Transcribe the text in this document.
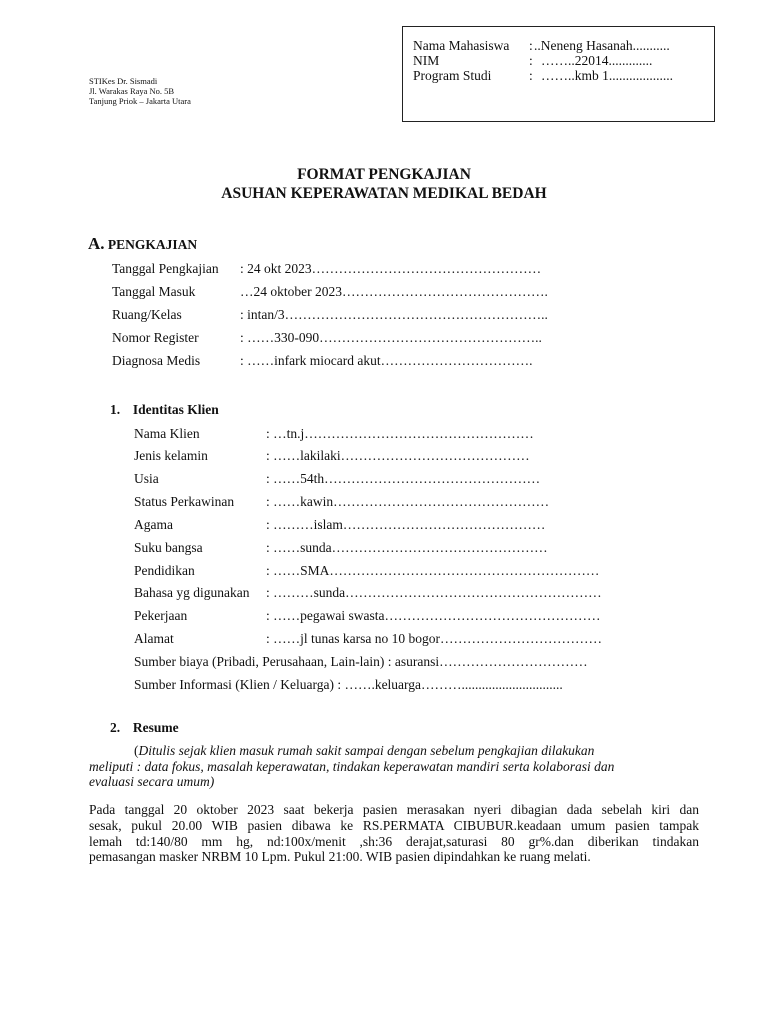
STIKes Dr. Sismadi
Jl. Warakas Raya No. 5B
Tanjung Priok – Jakarta Utara
Nama Mahasiswa : ..Neneng Hasanah...........
NIM	: ……..22014.............
Program Studi	: ……..kmb 1...................
FORMAT PENGKAJIAN
ASUHAN KEPERAWATAN MEDIKAL BEDAH
A. PENGKAJIAN
Tanggal Pengkajian : 24 okt 2023……………………………………………
Tanggal Masuk	…24 oktober 2023……………………………………….
Ruang/Kelas	: intan/3…………………………………………………..
Nomor Register	: ……330-090…………………………………………..
Diagnosa Medis	: ……infark miocard akut…………………………….
1. Identitas Klien
Nama Klien	: …tn.j……………………………………………
Jenis kelamin	: ……lakilaki……………………………………
Usia	: ……54th…………………………………………
Status Perkawinan : ……kawin…………………………………………
Agama	: ………islam………………………………………
Suku bangsa	: ……sunda…………………………………………
Pendidikan	: ……SMA……………………………………………………
Bahasa yg digunakan : ………sunda…………………………………………………
Pekerjaan	: ……pegawai swasta…………………………………………
Alamat	: ……jl tunas karsa no 10 bogor………………………………
Sumber biaya (Pribadi, Perusahaan, Lain-lain) : asuransi……………………………
Sumber Informasi (Klien / Keluarga) : …….keluarga………..............................
2. Resume
(Ditulis sejak klien masuk rumah sakit sampai dengan sebelum pengkajian dilakukan
meliputi : data fokus, masalah keperawatan, tindakan keperawatan mandiri serta kolaborasi dan
evaluasi secara umum)
Pada tanggal 20 oktober 2023 saat bekerja pasien merasakan nyeri dibagian dada sebelah kiri dan
sesak, pukul 20.00 WIB pasien dibawa ke RS.PERMATA CIBUBUR.keadaan umum pasien tampak
lemah td:140/80 mm hg, nd:100x/menit ,sh:36 derajat,saturasi 80 gr%.dan diberikan tindakan
pemasangan masker NRBM 10 Lpm. Pukul 21:00. WIB pasien dipindahkan ke ruang melati.
